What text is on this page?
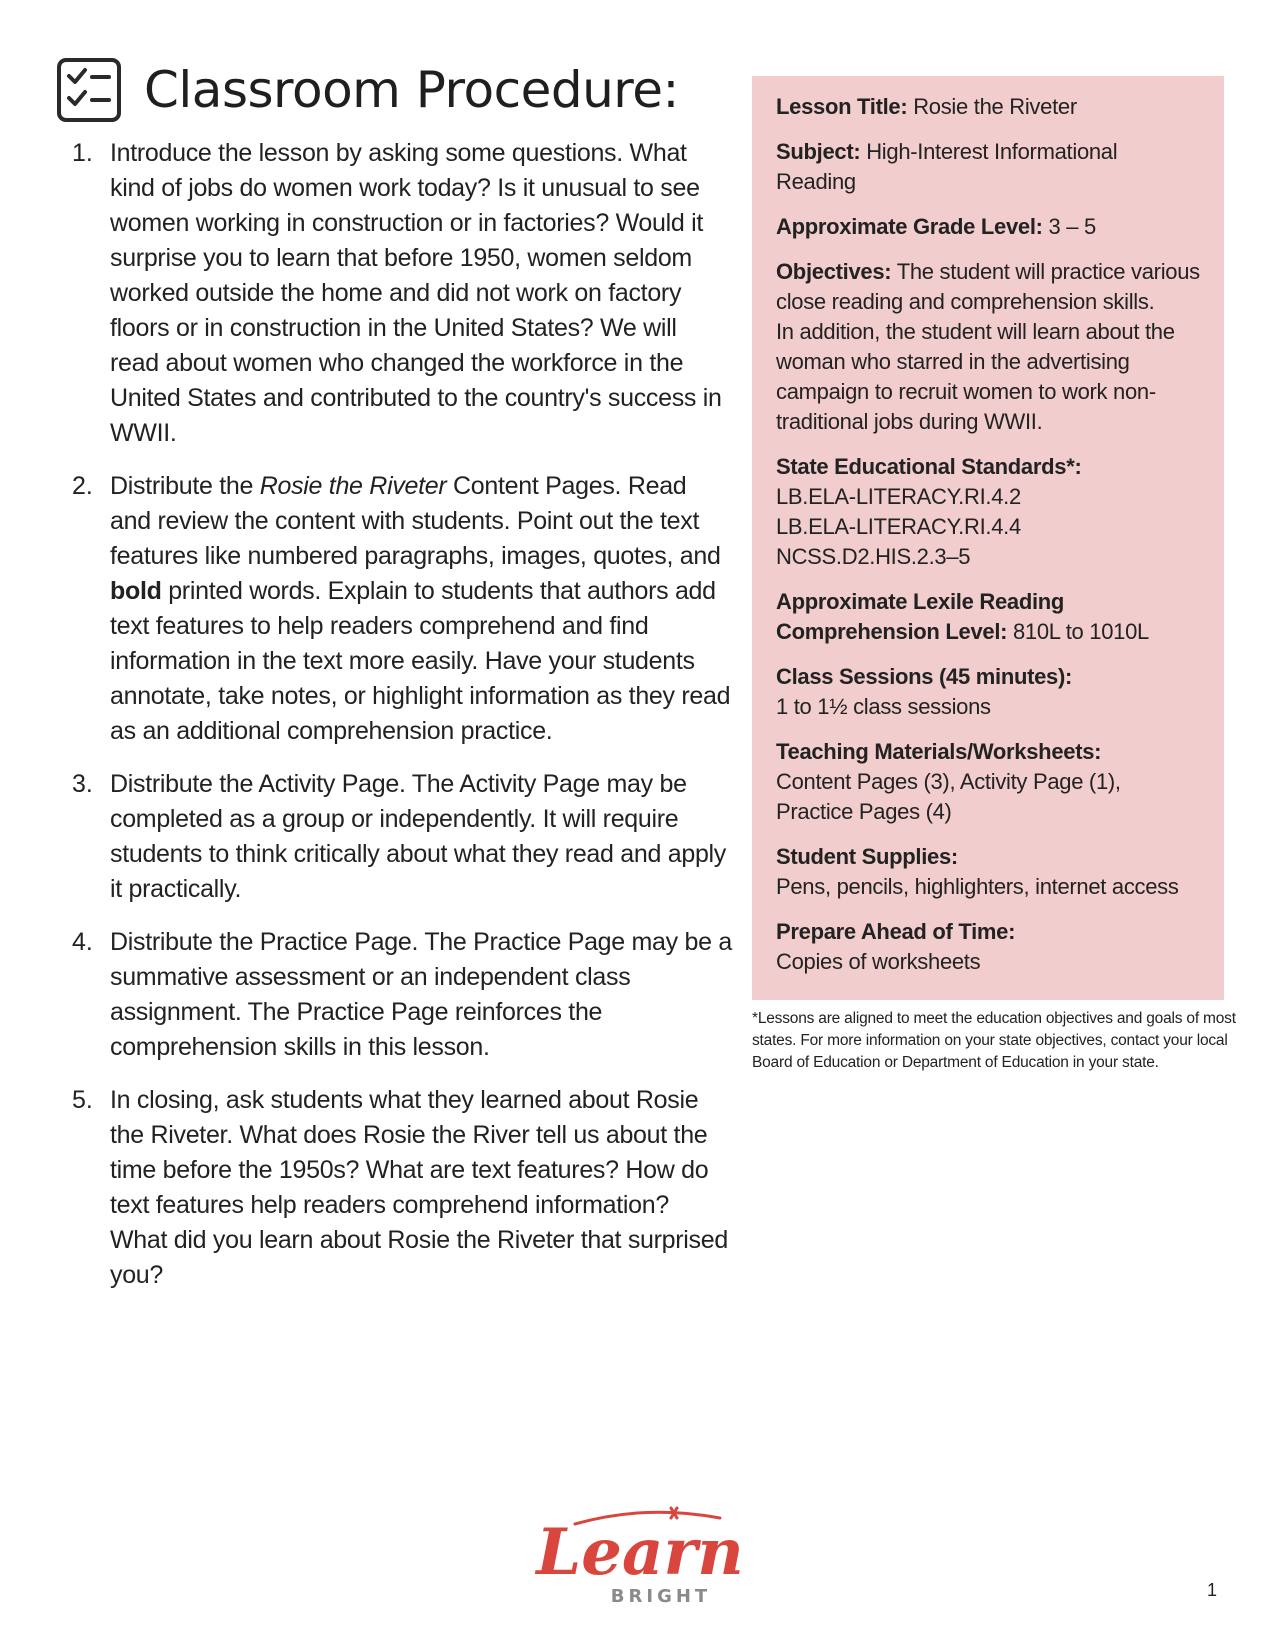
Classroom Procedure:
1. Introduce the lesson by asking some questions. What kind of jobs do women work today? Is it unusual to see women working in construction or in factories? Would it surprise you to learn that before 1950, women seldom worked outside the home and did not work on factory floors or in construction in the United States? We will read about women who changed the workforce in the United States and contributed to the country's success in WWII.
2. Distribute the Rosie the Riveter Content Pages. Read and review the content with students. Point out the text features like numbered paragraphs, images, quotes, and bold printed words. Explain to students that authors add text features to help readers comprehend and find information in the text more easily. Have your students annotate, take notes, or highlight information as they read as an additional comprehension practice.
3. Distribute the Activity Page. The Activity Page may be completed as a group or independently. It will require students to think critically about what they read and apply it practically.
4. Distribute the Practice Page. The Practice Page may be a summative assessment or an independent class assignment. The Practice Page reinforces the comprehension skills in this lesson.
5. In closing, ask students what they learned about Rosie the Riveter. What does Rosie the River tell us about the time before the 1950s? What are text features? How do text features help readers comprehend information? What did you learn about Rosie the Riveter that surprised you?
Lesson Title: Rosie the Riveter
Subject: High-Interest Informational Reading
Approximate Grade Level: 3 – 5
Objectives: The student will practice various close reading and comprehension skills.
In addition, the student will learn about the woman who starred in the advertising campaign to recruit women to work non-traditional jobs during WWII.
State Educational Standards*:
LB.ELA-LITERACY.RI.4.2
LB.ELA-LITERACY.RI.4.4
NCSS.D2.HIS.2.3–5
Approximate Lexile Reading
Comprehension Level: 810L to 1010L
Class Sessions (45 minutes):
1 to 1½ class sessions
Teaching Materials/Worksheets:
Content Pages (3), Activity Page (1), Practice Pages (4)
Student Supplies:
Pens, pencils, highlighters, internet access
Prepare Ahead of Time:
Copies of worksheets
*Lessons are aligned to meet the education objectives and goals of most states. For more information on your state objectives, contact your local Board of Education or Department of Education in your state.
Learn
BRIGHT	1
